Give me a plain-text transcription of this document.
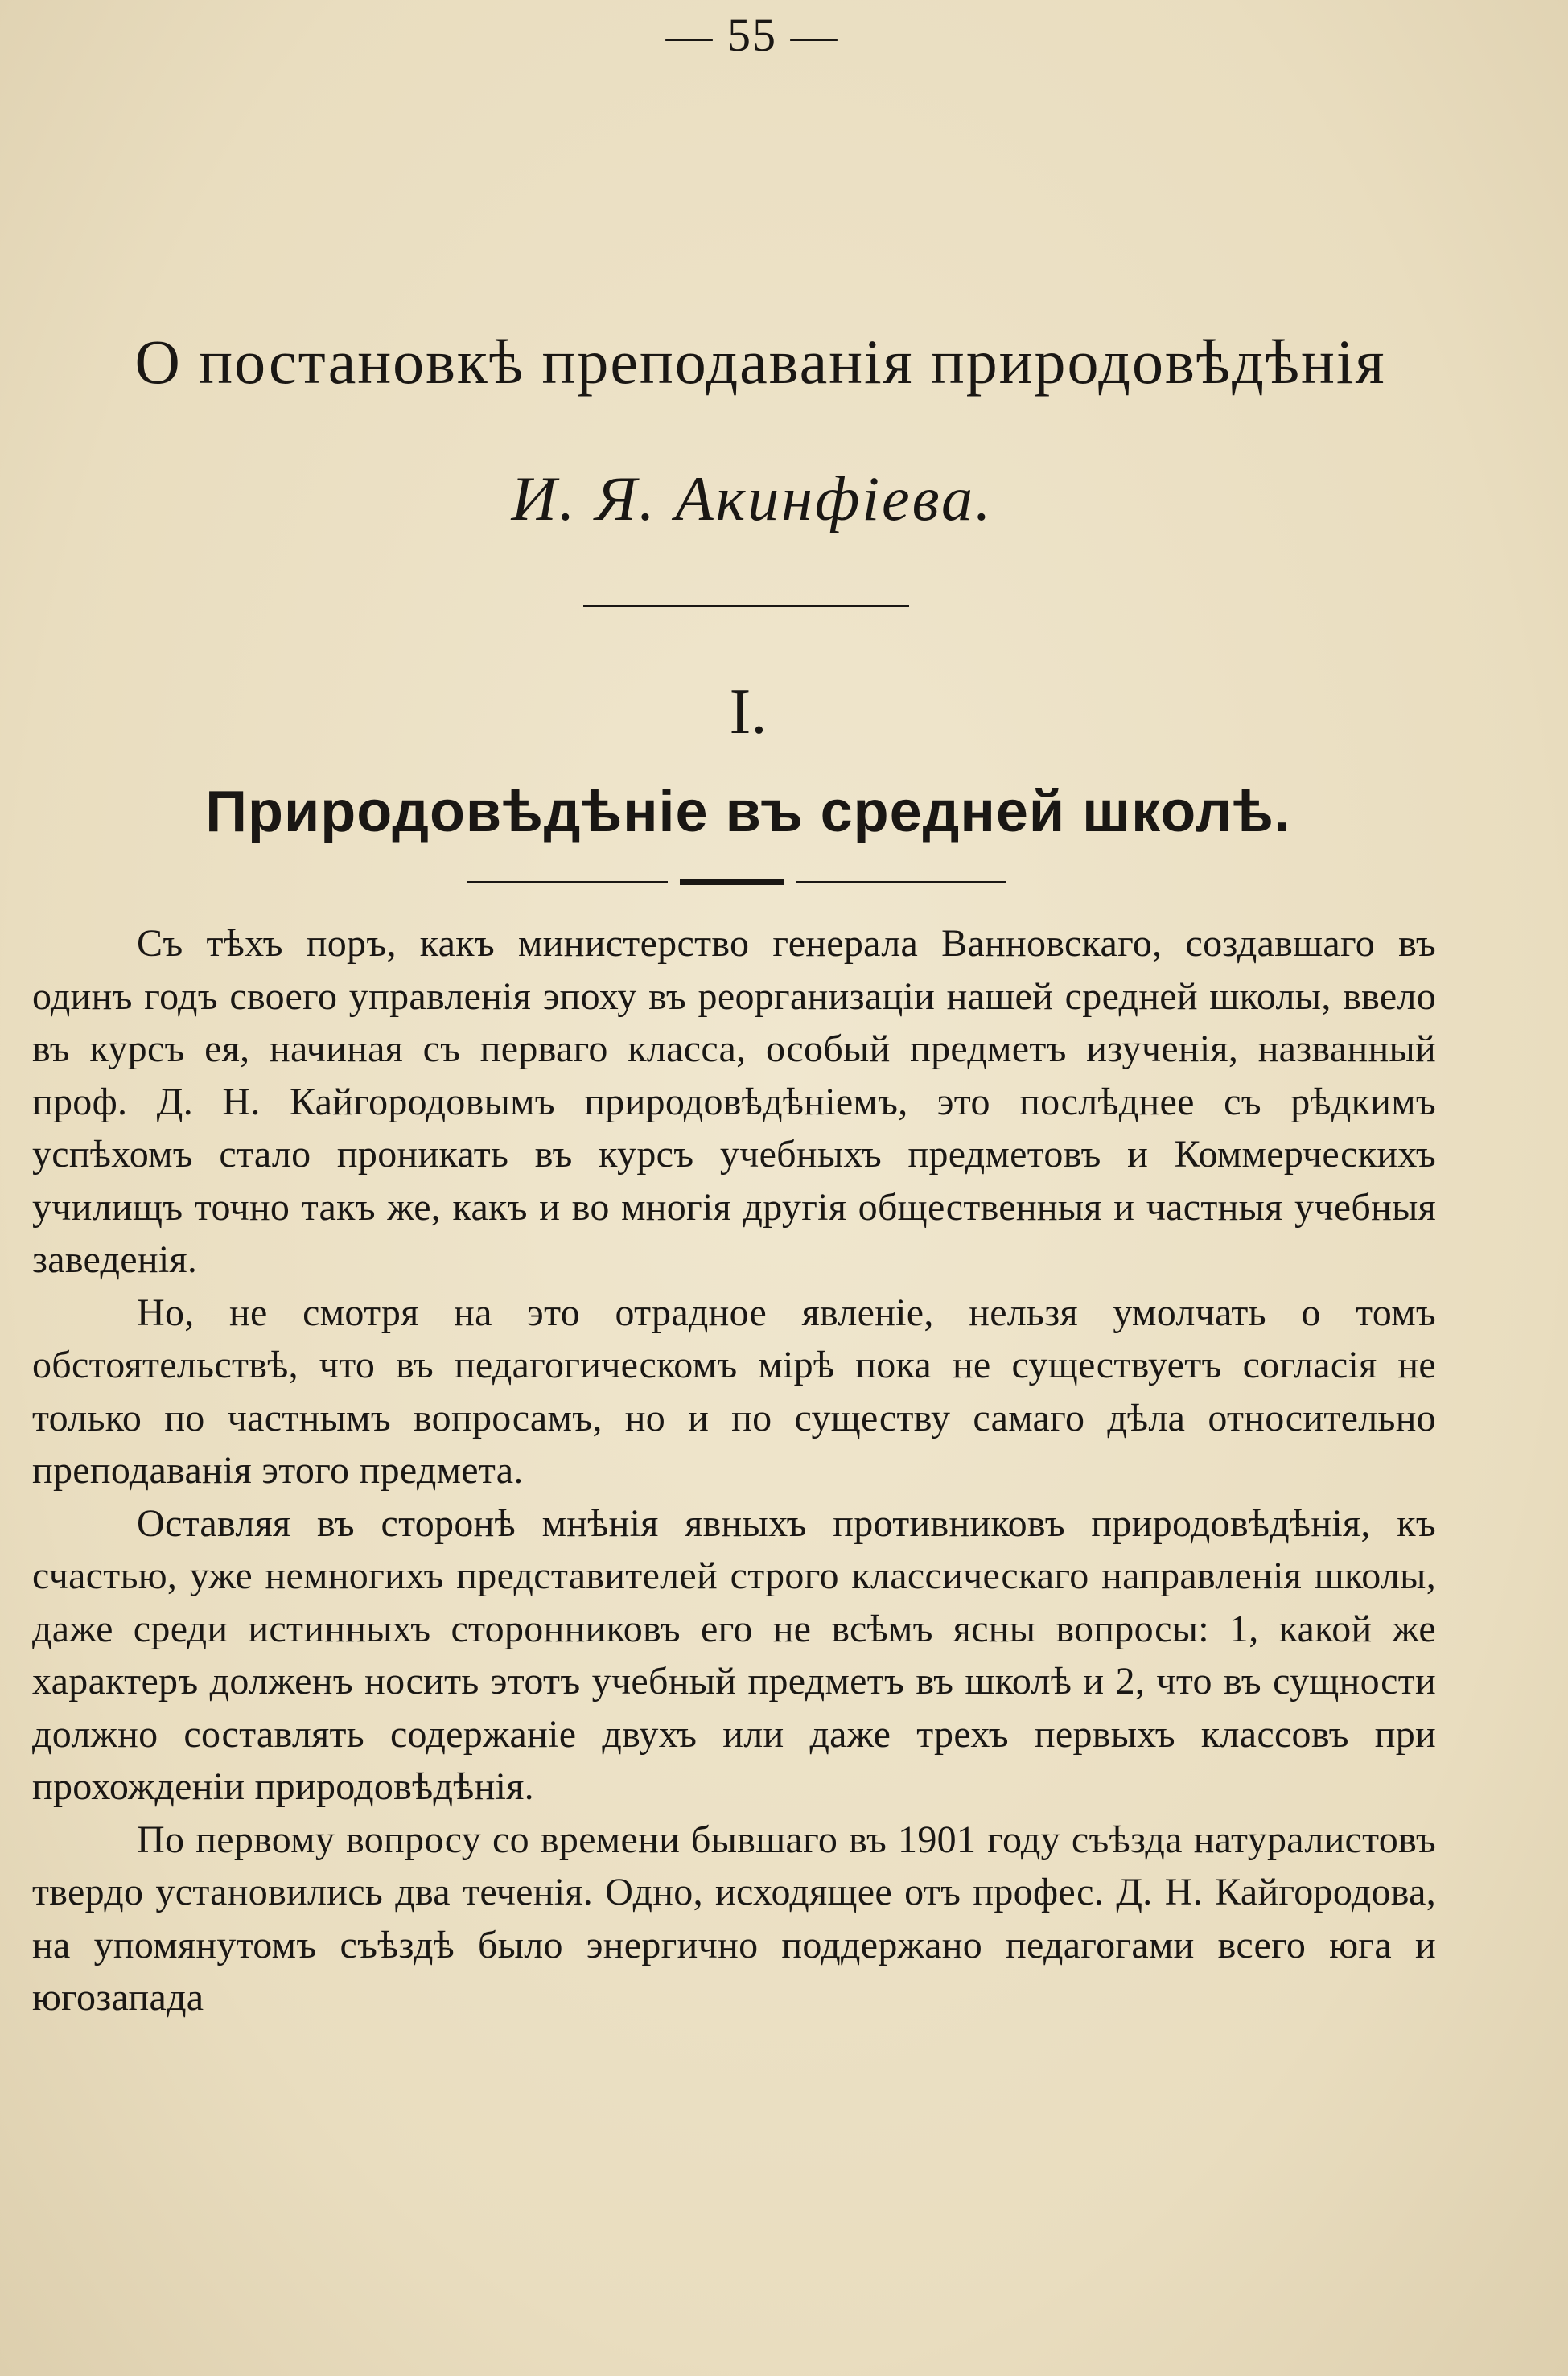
— 55 —
О постановкѣ преподаванія природовѣдѣнія
И. Я. Акинфіева.
I.
Природовѣдѣніе въ средней школѣ.

Съ тѣхъ поръ, какъ министерство генерала Ванновскаго, создавшаго въ одинъ годъ своего управленія эпоху въ реорганизаціи нашей средней школы, ввело въ курсъ ея, начиная съ перваго класса, особый предметъ изученія, названный проф. Д. Н. Кайгородовымъ природовѣдѣніемъ, это послѣднее съ рѣдкимъ успѣхомъ стало проникать въ курсъ учебныхъ предметовъ и Коммерческихъ училищъ точно такъ же, какъ и во многія другія общественныя и частныя учебныя заведенія.

Но, не смотря на это отрадное явленіе, нельзя умолчать о томъ обстоятельствѣ, что въ педагогическомъ мірѣ пока не существуетъ согласія не только по частнымъ вопросамъ, но и по существу самаго дѣла относительно преподаванія этого предмета.

Оставляя въ сторонѣ мнѣнія явныхъ противниковъ природовѣдѣнія, къ счастью, уже немногихъ представителей строго классическаго направленія школы, даже среди истинныхъ сторонниковъ его не всѣмъ ясны вопросы: 1, какой же характеръ долженъ носить этотъ учебный предметъ въ школѣ и 2, что въ сущности должно составлять содержаніе двухъ или даже трехъ первыхъ классовъ при прохожденіи природовѣдѣнія.

По первому вопросу со времени бывшаго въ 1901 году съѣзда натуралистовъ твердо установились два теченія. Одно, исходящее отъ профес. Д. Н. Кайгородова, на упомянутомъ съѣздѣ было энергично поддержано педагогами всего юга и югозапада
